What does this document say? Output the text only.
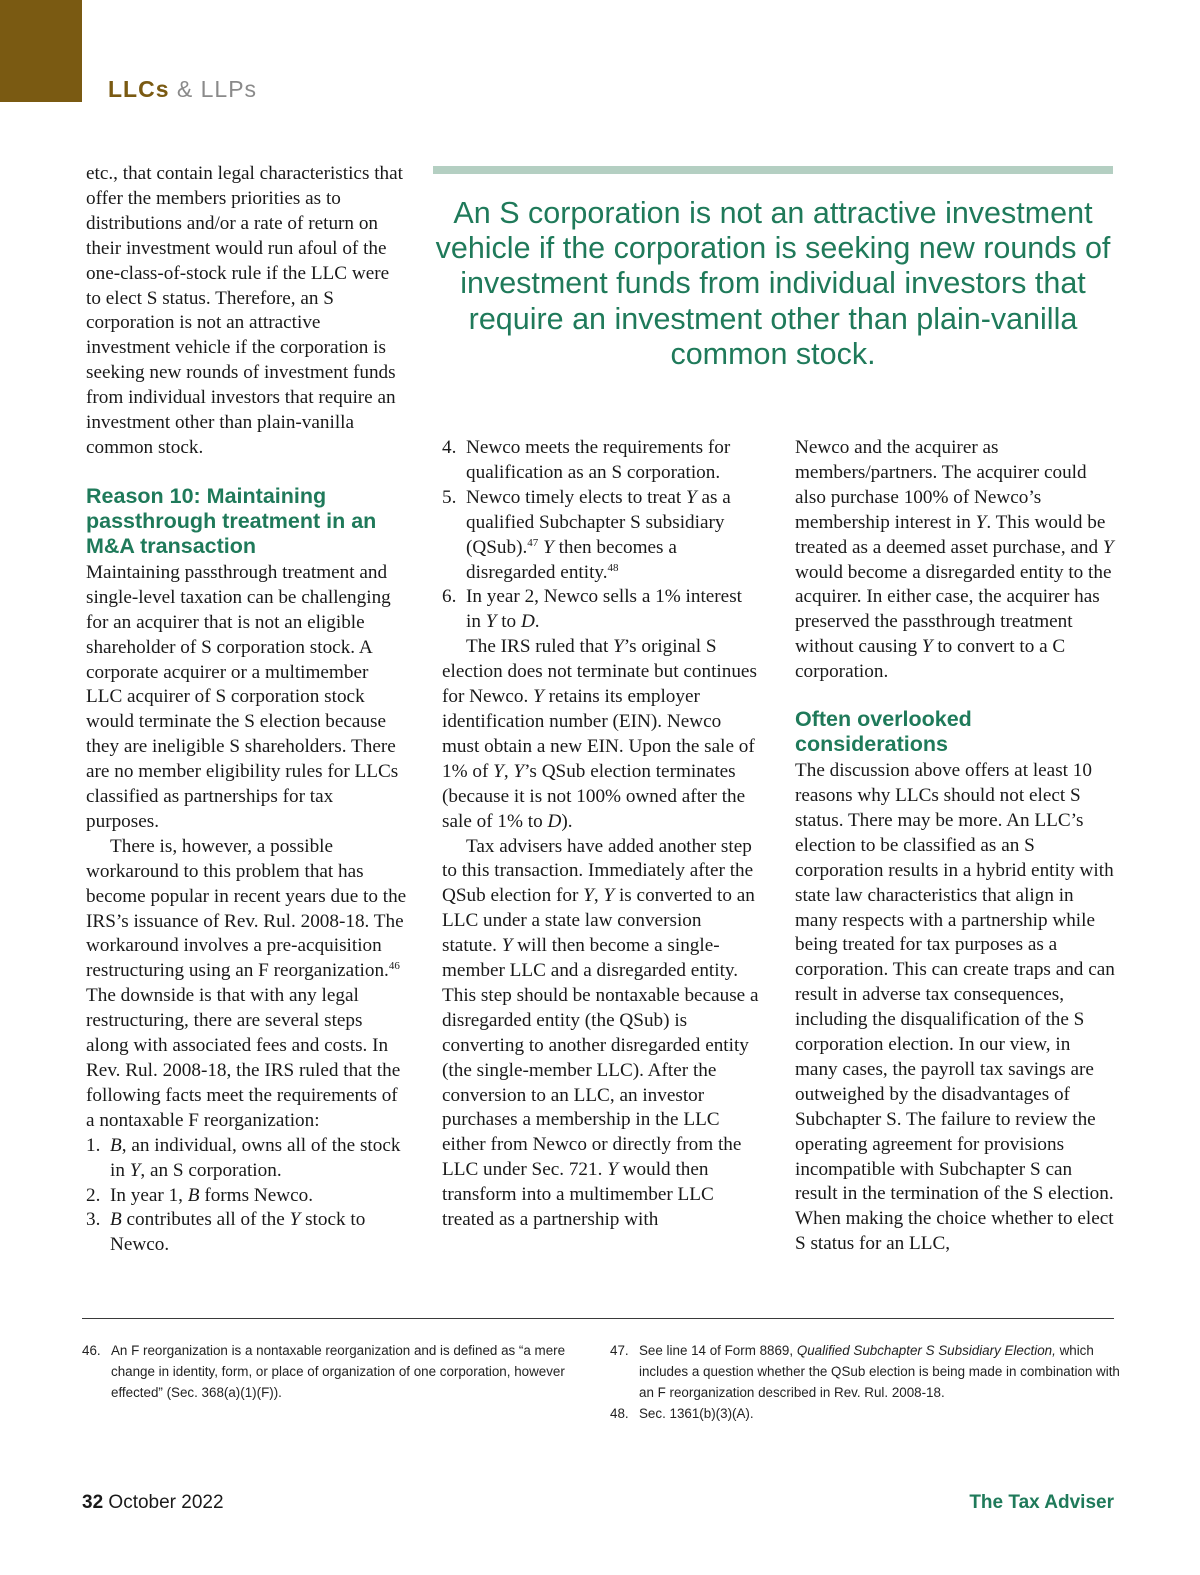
LLCs & LLPs
An S corporation is not an attractive investment vehicle if the corporation is seeking new rounds of investment funds from individual investors that require an investment other than plain-vanilla common stock.

etc., that contain legal characteristics that offer the members priorities as to distributions and/or a rate of return on their investment would run afoul of the one-class-of-stock rule if the LLC were to elect S status. Therefore, an S corporation is not an attractive investment vehicle if the corporation is seeking new rounds of investment funds from individual investors that require an investment other than plain-vanilla common stock.

Reason 10: Maintaining passthrough treatment in an M&A transaction

Maintaining passthrough treatment and single-level taxation can be challenging for an acquirer that is not an eligible shareholder of S corporation stock. A corporate acquirer or a multimember LLC acquirer of S corporation stock would terminate the S election because they are ineligible S shareholders. There are no member eligibility rules for LLCs classified as partnerships for tax purposes.

There is, however, a possible workaround to this problem that has become popular in recent years due to the IRS’s issuance of Rev. Rul. 2008-18. The workaround involves a pre-acquisition restructuring using an F reorganization.$^{46}$ The downside is that with any legal restructuring, there are several steps along with associated fees and costs. In Rev. Rul. 2008-18, the IRS ruled that the following facts meet the requirements of a nontaxable F reorganization:

1. B, an individual, owns all of the stock in Y, an S corporation.
2. In year 1, B forms Newco.
3. B contributes all of the Y stock to Newco.
4. Newco meets the requirements for qualification as an S corporation.
5. Newco timely elects to treat Y as a qualified Subchapter S subsidiary (QSub).$^{47}$ Y then becomes a disregarded entity.$^{48}$
6. In year 2, Newco sells a 1% interest in Y to D.

The IRS ruled that Y’s original S election does not terminate but continues for Newco. Y retains its employer identification number (EIN). Newco must obtain a new EIN. Upon the sale of 1% of Y, Y’s QSub election terminates (because it is not 100% owned after the sale of 1% to D).

Tax advisers have added another step to this transaction. Immediately after the QSub election for Y, Y is converted to an LLC under a state law conversion statute. Y will then become a single-member LLC and a disregarded entity. This step should be nontaxable because a disregarded entity (the QSub) is converting to another disregarded entity (the single-member LLC). After the conversion to an LLC, an investor purchases a membership in the LLC either from Newco or directly from the LLC under Sec. 721. Y would then transform into a multimember LLC treated as a partnership with

Newco and the acquirer as members/partners. The acquirer could also purchase 100% of Newco’s membership interest in Y. This would be treated as a deemed asset purchase, and Y would become a disregarded entity to the acquirer. In either case, the acquirer has preserved the passthrough treatment without causing Y to convert to a C corporation.

Often overlooked considerations

The discussion above offers at least 10 reasons why LLCs should not elect S status. There may be more. An LLC’s election to be classified as an S corporation results in a hybrid entity with state law characteristics that align in many respects with a partnership while being treated for tax purposes as a corporation. This can create traps and can result in adverse tax consequences, including the disqualification of the S corporation election. In our view, in many cases, the payroll tax savings are outweighed by the disadvantages of Subchapter S. The failure to review the operating agreement for provisions incompatible with Subchapter S can result in the termination of the S election. When making the choice whether to elect S status for an LLC,

46. An F reorganization is a nontaxable reorganization and is defined as “a mere change in identity, form, or place of organization of one corporation, however effected” (Sec. 368(a)(1)(F)).
47. See line 14 of Form 8869, Qualified Subchapter S Subsidiary Election, which includes a question whether the QSub election is being made in combination with an F reorganization described in Rev. Rul. 2008-18.
48. Sec. 1361(b)(3)(A).
32 October 2022	The Tax Adviser
